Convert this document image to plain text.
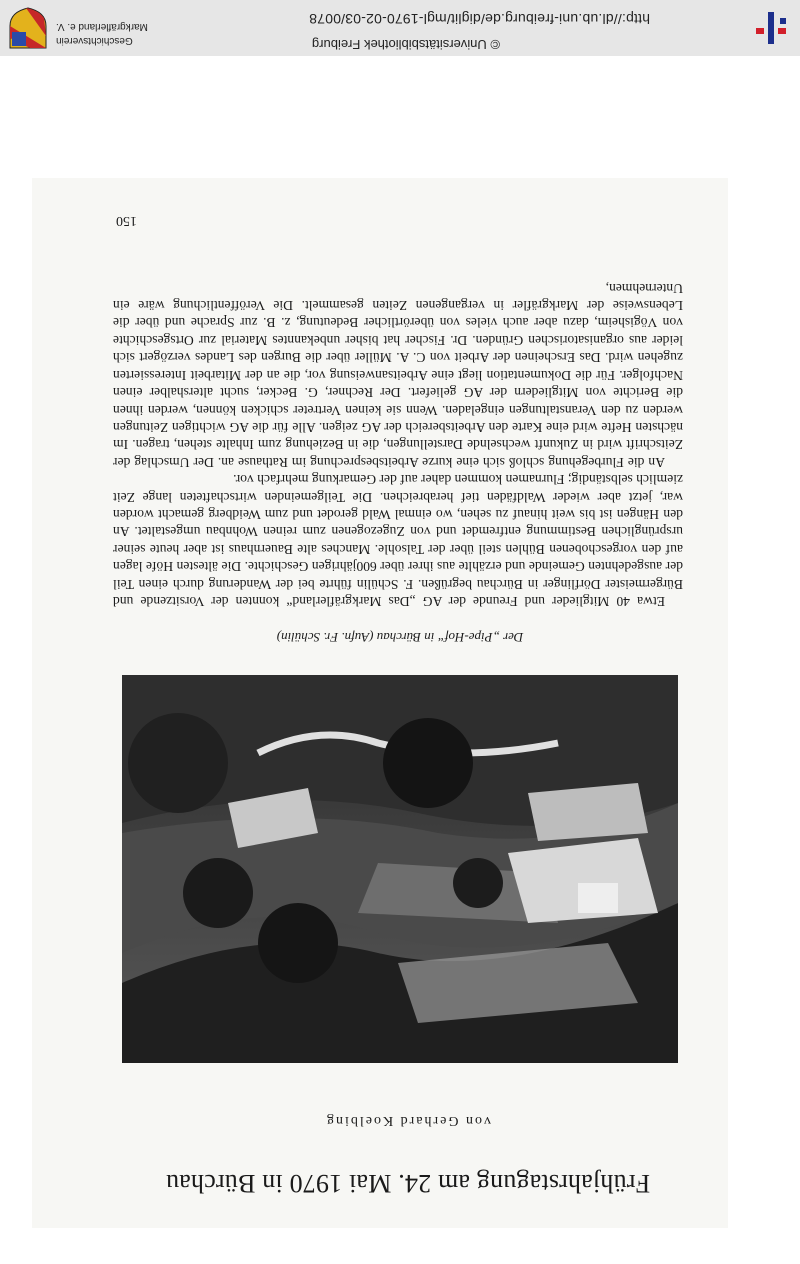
Frühjahrstagung am 24. Mai 1970 in Bürchau
von Gerhard Koelbing
Der „Pipe-Hof“ in Bürchau (Aufn. Fr. Schülin)

Etwa 40 Mitglieder und Freunde der AG „Das Markgräflerland“ konnten der Vorsitzende und Bürgermeister Dörflinger in Bürchau begrüßen. F. Schülin führte bei der Wanderung durch einen Teil der ausgedehnten Gemeinde und erzählte aus ihrer über 600jährigen Geschichte. Die ältesten Höfe lagen auf den vorgeschobenen Bühlen steil über der Talsohle. Manches alte Bauernhaus ist aber heute seiner ursprünglichen Bestimmung entfremdet und von Zugezogenen zum reinen Wohnbau umgestaltet. An den Hängen ist bis weit hinauf zu sehen, wo einmal Wald gerodet und zum Weidberg gemacht worden war, jetzt aber wieder Waldfäden tief herabreichen. Die Teilgemeinden wirtschafteten lange Zeit ziemlich selbständig; Flurnamen kommen daher auf der Gemarkung mehrfach vor.

An die Flurbegehung schloß sich eine kurze Arbeitsbesprechung im Rathause an. Der Umschlag der Zeitschrift wird in Zukunft wechselnde Darstellungen, die in Beziehung zum Inhalte stehen, tragen. Im nächsten Hefte wird eine Karte den Arbeitsbereich der AG zeigen. Alle für die AG wichtigen Zeitungen werden zu den Veranstaltungen eingeladen. Wenn sie keinen Vertreter schicken können, werden ihnen die Berichte von Mitgliedern der AG geliefert. Der Rechner, G. Becker, sucht altershalber einen Nachfolger. Für die Dokumentation liegt eine Arbeitsanweisung vor, die an der Mitarbeit Interessierten zugehen wird. Das Erscheinen der Arbeit von C. A. Müller über die Burgen des Landes verzögert sich leider aus organisatorischen Gründen. Dr. Fischer hat bisher unbekanntes Material zur Ortsgeschichte von Vögisheim, dazu aber auch vieles von überörtlicher Bedeutung, z. B. zur Sprache und über die Lebensweise der Markgräfler in vergangenen Zeiten gesammelt. Die Veröffentlichung wäre ein Unternehmen,

150
© Universitätsbibliothek Freiburg
http://dl.ub.uni-freiburg.de/diglit/mgl-1970-02-03/0078
Geschichtsverein
Markgräflerland e. V.
